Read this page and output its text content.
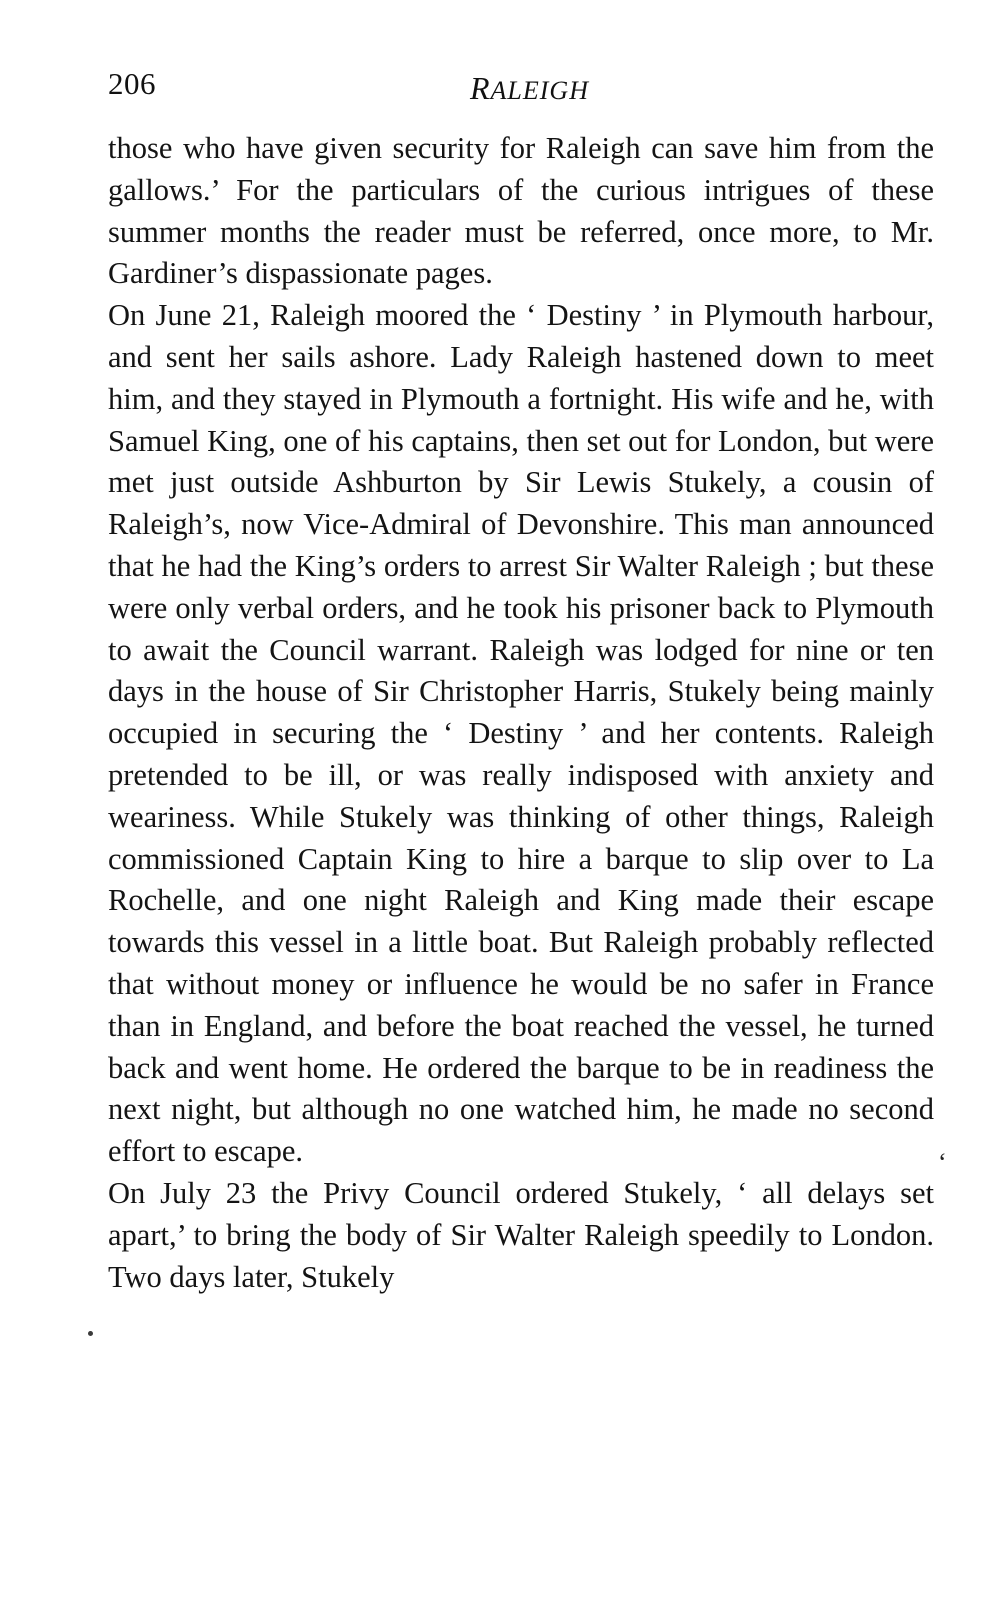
206	RALEIGH

those who have given security for Raleigh can save him from the gallows.’ For the particulars of the curious intrigues of these summer months the reader must be referred, once more, to Mr. Gardiner’s dispassionate pages.

On June 21, Raleigh moored the ‘ Destiny ’ in Plymouth harbour, and sent her sails ashore. Lady Raleigh hastened down to meet him, and they stayed in Plymouth a fortnight. His wife and he, with Samuel King, one of his captains, then set out for London, but were met just outside Ashburton by Sir Lewis Stukely, a cousin of Raleigh’s, now Vice-Admiral of Devonshire. This man announced that he had the King’s orders to arrest Sir Walter Raleigh ; but these were only verbal orders, and he took his prisoner back to Plymouth to await the Council warrant. Raleigh was lodged for nine or ten days in the house of Sir Christopher Harris, Stukely being mainly occupied in securing the ‘ Destiny ’ and her contents. Raleigh pretended to be ill, or was really indisposed with anxiety and weariness. While Stukely was thinking of other things, Raleigh commissioned Captain King to hire a barque to slip over to La Rochelle, and one night Raleigh and King made their escape towards this vessel in a little boat. But Raleigh probably reflected that without money or influence he would be no safer in France than in England, and before the boat reached the vessel, he turned back and went home. He ordered the barque to be in readiness the next night, but although no one watched him, he made no second effort to escape.

On July 23 the Privy Council ordered Stukely, ‘ all delays set apart,’ to bring the body of Sir Walter Raleigh speedily to London. Two days later, Stukely

‘
